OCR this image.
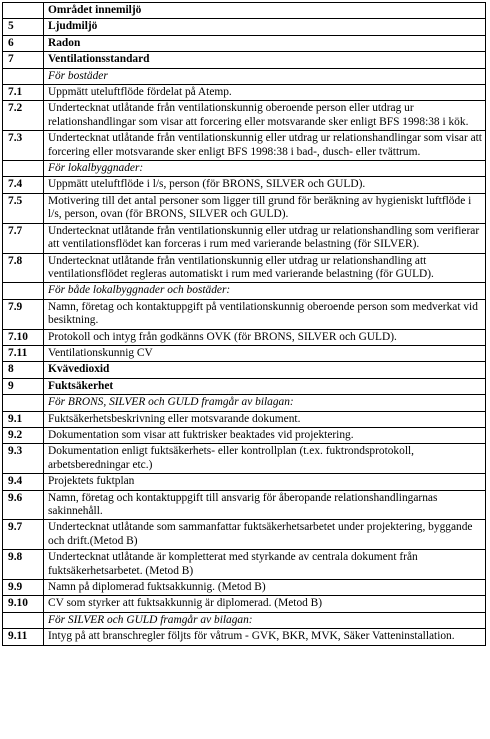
	Området innemiljö
5	Ljudmiljö
6	Radon
7	Ventilationsstandard
	För bostäder
7.1	Uppmätt uteluftflöde fördelat på Atemp.
7.2	Undertecknat utlåtande från ventilationskunnig oberoende person eller utdrag ur relationshandlingar som visar att forcering eller motsvarande sker enligt BFS 1998:38 i kök.
7.3	Undertecknat utlåtande från ventilationskunnig eller utdrag ur relationshandlingar som visar att forcering eller motsvarande sker enligt BFS 1998:38 i bad-, dusch- eller tvättrum.
	För lokalbyggnader:
7.4	Uppmätt uteluftflöde i l/s, person (för BRONS, SILVER och GULD).
7.5	Motivering till det antal personer som ligger till grund för beräkning av hygieniskt luftflöde i l/s, person, ovan (för BRONS, SILVER och GULD).
7.7	Undertecknat utlåtande från ventilationskunnig eller utdrag ur relationshandling som verifierar att ventilationsflödet kan forceras i rum med varierande belastning (för SILVER).
7.8	Undertecknat utlåtande från ventilationskunnig eller utdrag ur relationshandling att ventilationsflödet regleras automatiskt i rum med varierande belastning (för GULD).
	För både lokalbyggnader och bostäder:
7.9	Namn, företag och kontaktuppgift på ventilationskunnig oberoende person som medverkat vid besiktning.
7.10	Protokoll och intyg från godkänns OVK (för BRONS, SILVER och GULD).
7.11	Ventilationskunnig CV
8	Kvävedioxid
9	Fuktsäkerhet
	För BRONS, SILVER och GULD framgår av bilagan:
9.1	Fuktsäkerhetsbeskrivning eller motsvarande dokument.
9.2	Dokumentation som visar att fuktrisker beaktades vid projektering.
9.3	Dokumentation enligt fuktsäkerhets- eller kontrollplan (t.ex. fuktrondsprotokoll, arbetsberedningar etc.)
9.4	Projektets fuktplan
9.6	Namn, företag och kontaktuppgift till ansvarig för åberopande relationshandlingarnas sakinnehåll.
9.7	Undertecknat utlåtande som sammanfattar fuktsäkerhetsarbetet under projektering, byggande och drift.(Metod B)
9.8	Undertecknat utlåtande är kompletterat med styrkande av centrala dokument från fuktsäkerhetsarbetet. (Metod B)
9.9	Namn på diplomerad fuktsakkunnig. (Metod B)
9.10	CV som styrker att fuktsakkunnig är diplomerad. (Metod B)
	För SILVER och GULD framgår av bilagan:
9.11	Intyg på att branschregler följts för våtrum - GVK, BKR, MVK, Säker Vatteninstallation.
